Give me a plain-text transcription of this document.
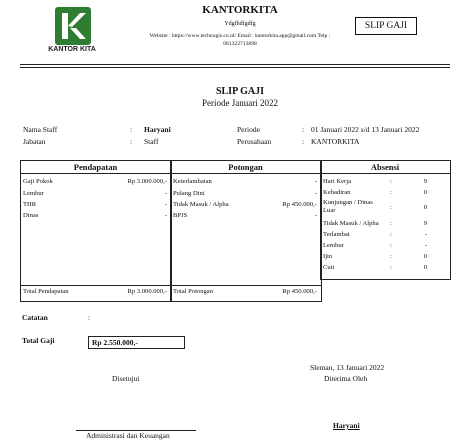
KANTOR KITA
KANTORKITA
Ydgfhdfgdfg
Website : https://www.technogis.co.id/ Email : kantorkita.app@gmail.com Telp :
081322713898
SLIP GAJI
SLIP GAJI
Periode Januari 2022
Nama Staff	: Haryani
Jabatan	: Staff
Periode	: 01 Januari 2022 s/d 13 Januari 2022
Perusahaan	: KANTORKITA
Pendapatan
Gaji Pokok	Rp 3.000.000,-
Lembur	-
THR	-
Dinas	-
Total Pendapatan	Rp 3.000.000,-
Potongan
Keterlambatan	-
Pulang Dini	-
Tidak Masuk / Alpha	Rp 450.000,-
BPJS	-
Total Potongan	Rp 450.000,-
Absensi
Hari Kerja	:	9
Kehadiran	:	0
Kunjungan / Dinas Luar	:	0
Tidak Masuk / Alpha :	9
Terlambat	:	-
Lembur	:	-
Ijin	:	0
Cuti	:	0
Catatan	:
Total Gaji	Rp 2.550.000,-
Sleman, 13 Januari 2022
Disetujui	Diterima Oleh
Haryani
Administrasi dan Keuangan
